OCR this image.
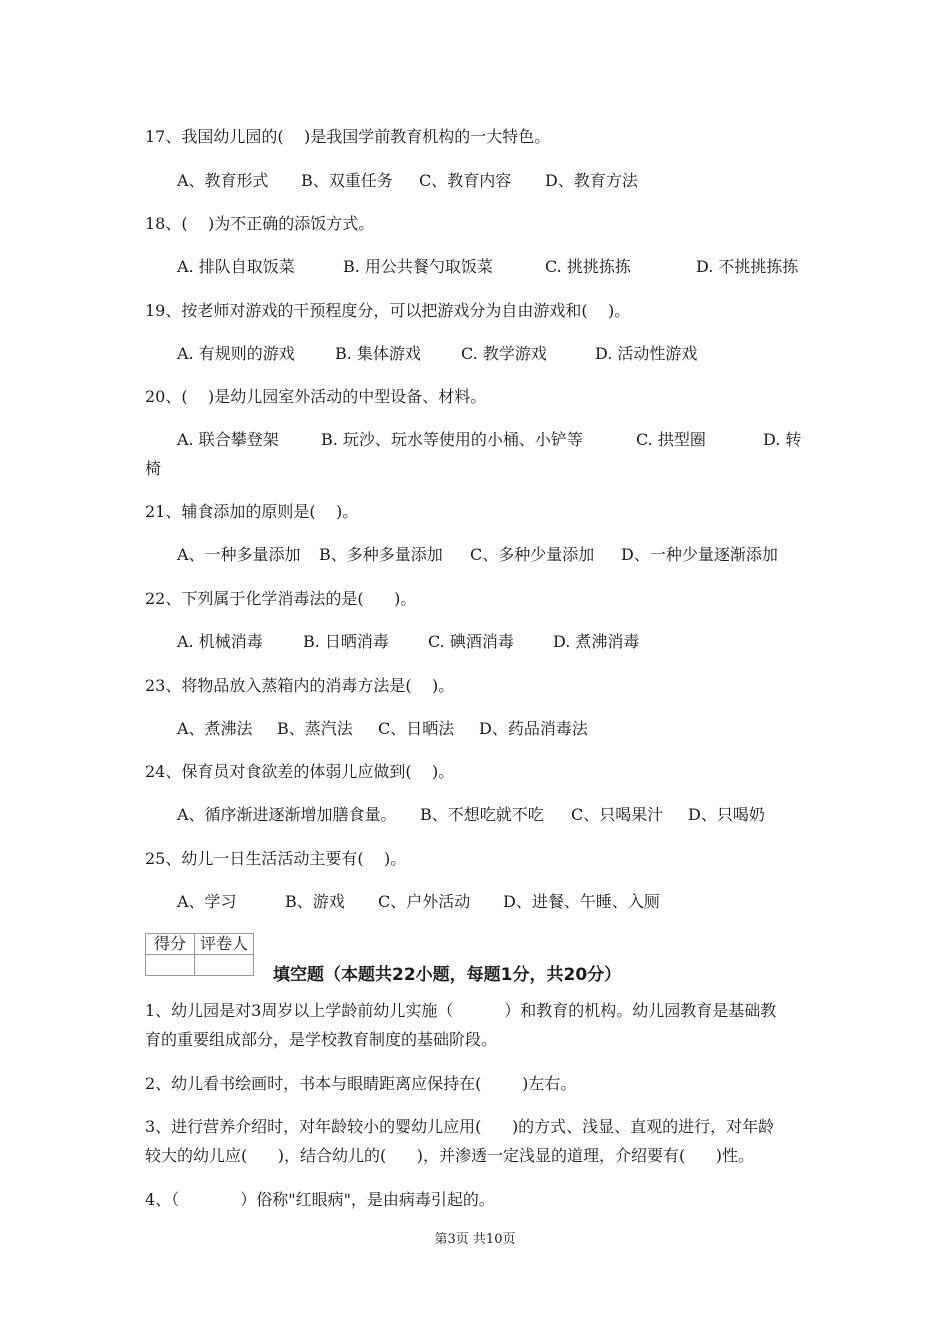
17、我国幼儿园的(    )是我国学前教育机构的一大特色。
A、教育形式 B、双重任务 C、教育内容 D、教育方法
18、(    )为不正确的添饭方式。
A. 排队自取饭菜	B. 用公共餐勺取饭菜	C. 挑挑拣拣	D. 不挑挑拣拣
19、按老师对游戏的干预程度分，可以把游戏分为自由游戏和(    )。
A. 有规则的游戏	B. 集体游戏	C. 教学游戏	D. 活动性游戏
20、(    )是幼儿园室外活动的中型设备、材料。
A. 联合攀登架	B. 玩沙、玩水等使用的小桶、小铲等	C. 拱型圈	D. 转
椅
21、辅食添加的原则是(    )。
A、一种多量添加 B、多种多量添加 C、多种少量添加 D、一种少量逐渐添加
22、下列属于化学消毒法的是(      )。
A. 机械消毒	B. 日晒消毒 C. 碘酒消毒 D. 煮沸消毒
23、将物品放入蒸箱内的消毒方法是(    )。
A、煮沸法 B、蒸汽法 C、日晒法 D、药品消毒法
24、保育员对食欲差的体弱儿应做到(    )。
A、循序渐进逐渐增加膳食量。 B、不想吃就不吃 C、只喝果汁 D、只喝奶
25、幼儿一日生活活动主要有(    )。
A、学习	B、游戏 C、户外活动 D、进餐、午睡、入厕
得分	评卷人

填空题（本题共22小题，每题1分，共20分）
1、幼儿园是对3周岁以上学龄前幼儿实施（          ）和教育的机构。幼儿园教育是基础教
育的重要组成部分，是学校教育制度的基础阶段。
2、幼儿看书绘画时，书本与眼睛距离应保持在(        )左右。
3、进行营养介绍时，对年龄较小的婴幼儿应用(      )的方式、浅显、直观的进行，对年龄
较大的幼儿应(      )，结合幼儿的(      )，并渗透一定浅显的道理，介绍要有(      )性。
4、（            ）俗称"红眼病"，是由病毒引起的。
第3页 共10页
